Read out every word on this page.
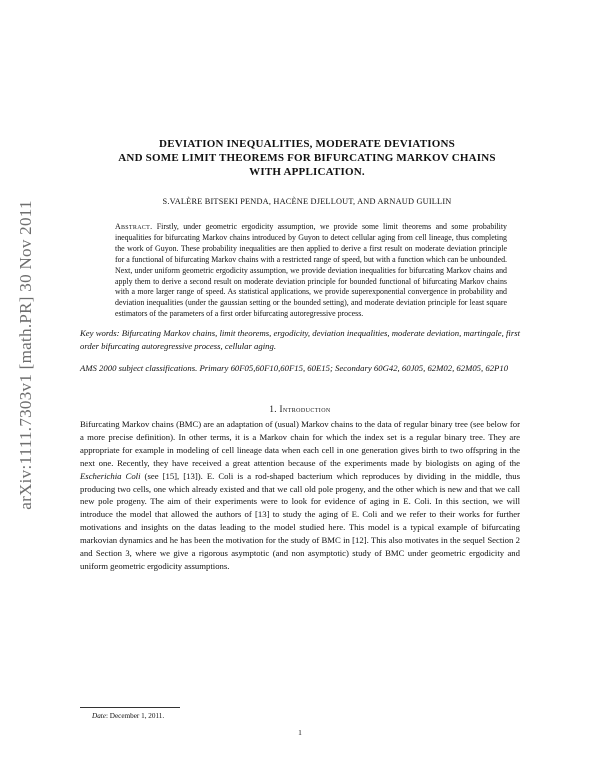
arXiv:1111.7303v1 [math.PR] 30 Nov 2011
DEVIATION INEQUALITIES, MODERATE DEVIATIONS
AND SOME LIMIT THEOREMS FOR BIFURCATING MARKOV CHAINS
WITH APPLICATION.
S.VALÈRE BITSEKI PENDA, HACÈNE DJELLOUT, AND ARNAUD GUILLIN
Abstract. Firstly, under geometric ergodicity assumption, we provide some limit theorems and some probability inequalities for bifurcating Markov chains introduced by Guyon to detect cellular aging from cell lineage, thus completing the work of Guyon. These probability inequalities are then applied to derive a first result on moderate deviation principle for a functional of bifurcating Markov chains with a restricted range of speed, but with a function which can be unbounded. Next, under uniform geometric ergodicity assumption, we provide deviation inequalities for bifurcating Markov chains and apply them to derive a second result on moderate deviation principle for bounded functional of bifurcating Markov chains with a more larger range of speed. As statistical applications, we provide superexponential convergence in probability and deviation inequalities (under the gaussian setting or the bounded setting), and moderate deviation principle for least square estimators of the parameters of a first order bifurcating autoregressive process.
Key words: Bifurcating Markov chains, limit theorems, ergodicity, deviation inequalities, moderate deviation, martingale, first order bifurcating autoregressive process, cellular aging.
AMS 2000 subject classifications. Primary 60F05,60F10,60F15, 60E15; Secondary 60G42, 60J05, 62M02, 62M05, 62P10
1. Introduction
Bifurcating Markov chains (BMC) are an adaptation of (usual) Markov chains to the data of regular binary tree (see below for a more precise definition). In other terms, it is a Markov chain for which the index set is a regular binary tree. They are appropriate for example in modeling of cell lineage data when each cell in one generation gives birth to two offspring in the next one. Recently, they have received a great attention because of the experiments made by biologists on aging of the Escherichia Coli (see [15], [13]). E. Coli is a rod-shaped bacterium which reproduces by dividing in the middle, thus producing two cells, one which already existed and that we call old pole progeny, and the other which is new and that we call new pole progeny. The aim of their experiments were to look for evidence of aging in E. Coli. In this section, we will introduce the model that allowed the authors of [13] to study the aging of E. Coli and we refer to their works for further motivations and insights on the datas leading to the model studied here. This model is a typical example of bifurcating markovian dynamics and he has been the motivation for the study of BMC in [12]. This also motivates in the sequel Section 2 and Section 3, where we give a rigorous asymptotic (and non asymptotic) study of BMC under geometric ergodicity and uniform geometric ergodicity assumptions.
Date: December 1, 2011.
1
